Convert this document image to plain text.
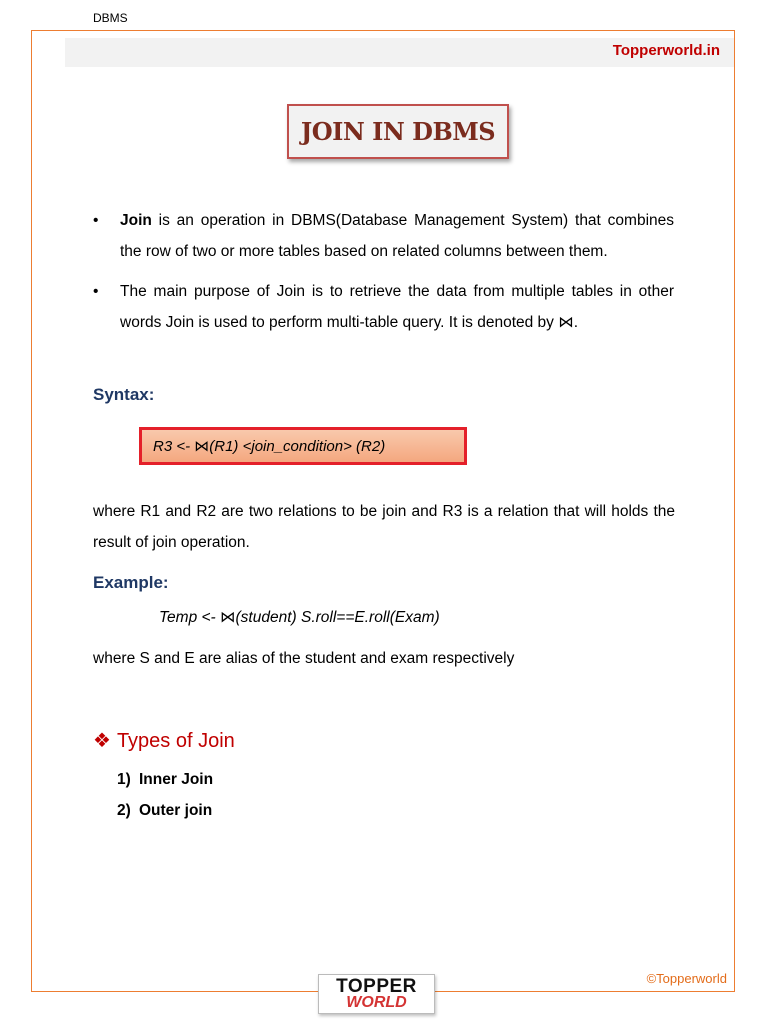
DBMS
Topperworld.in
JOIN IN DBMS
• Join is an operation in DBMS(Database Management System) that combines the row of two or more tables based on related columns between them.
• The main purpose of Join is to retrieve the data from multiple tables in other words Join is used to perform multi-table query. It is denoted by ⋈.
Syntax:
R3 <- ⋈(R1) <join_condition> (R2)
where R1 and R2 are two relations to be join and R3 is a relation that will holds the result of join operation.
Example:
Temp <- ⋈(student) S.roll==E.roll(Exam)
where S and E are alias of the student and exam respectively
❖ Types of Join
1) Inner Join
2) Outer join
TOPPER
WORLD
©Topperworld
